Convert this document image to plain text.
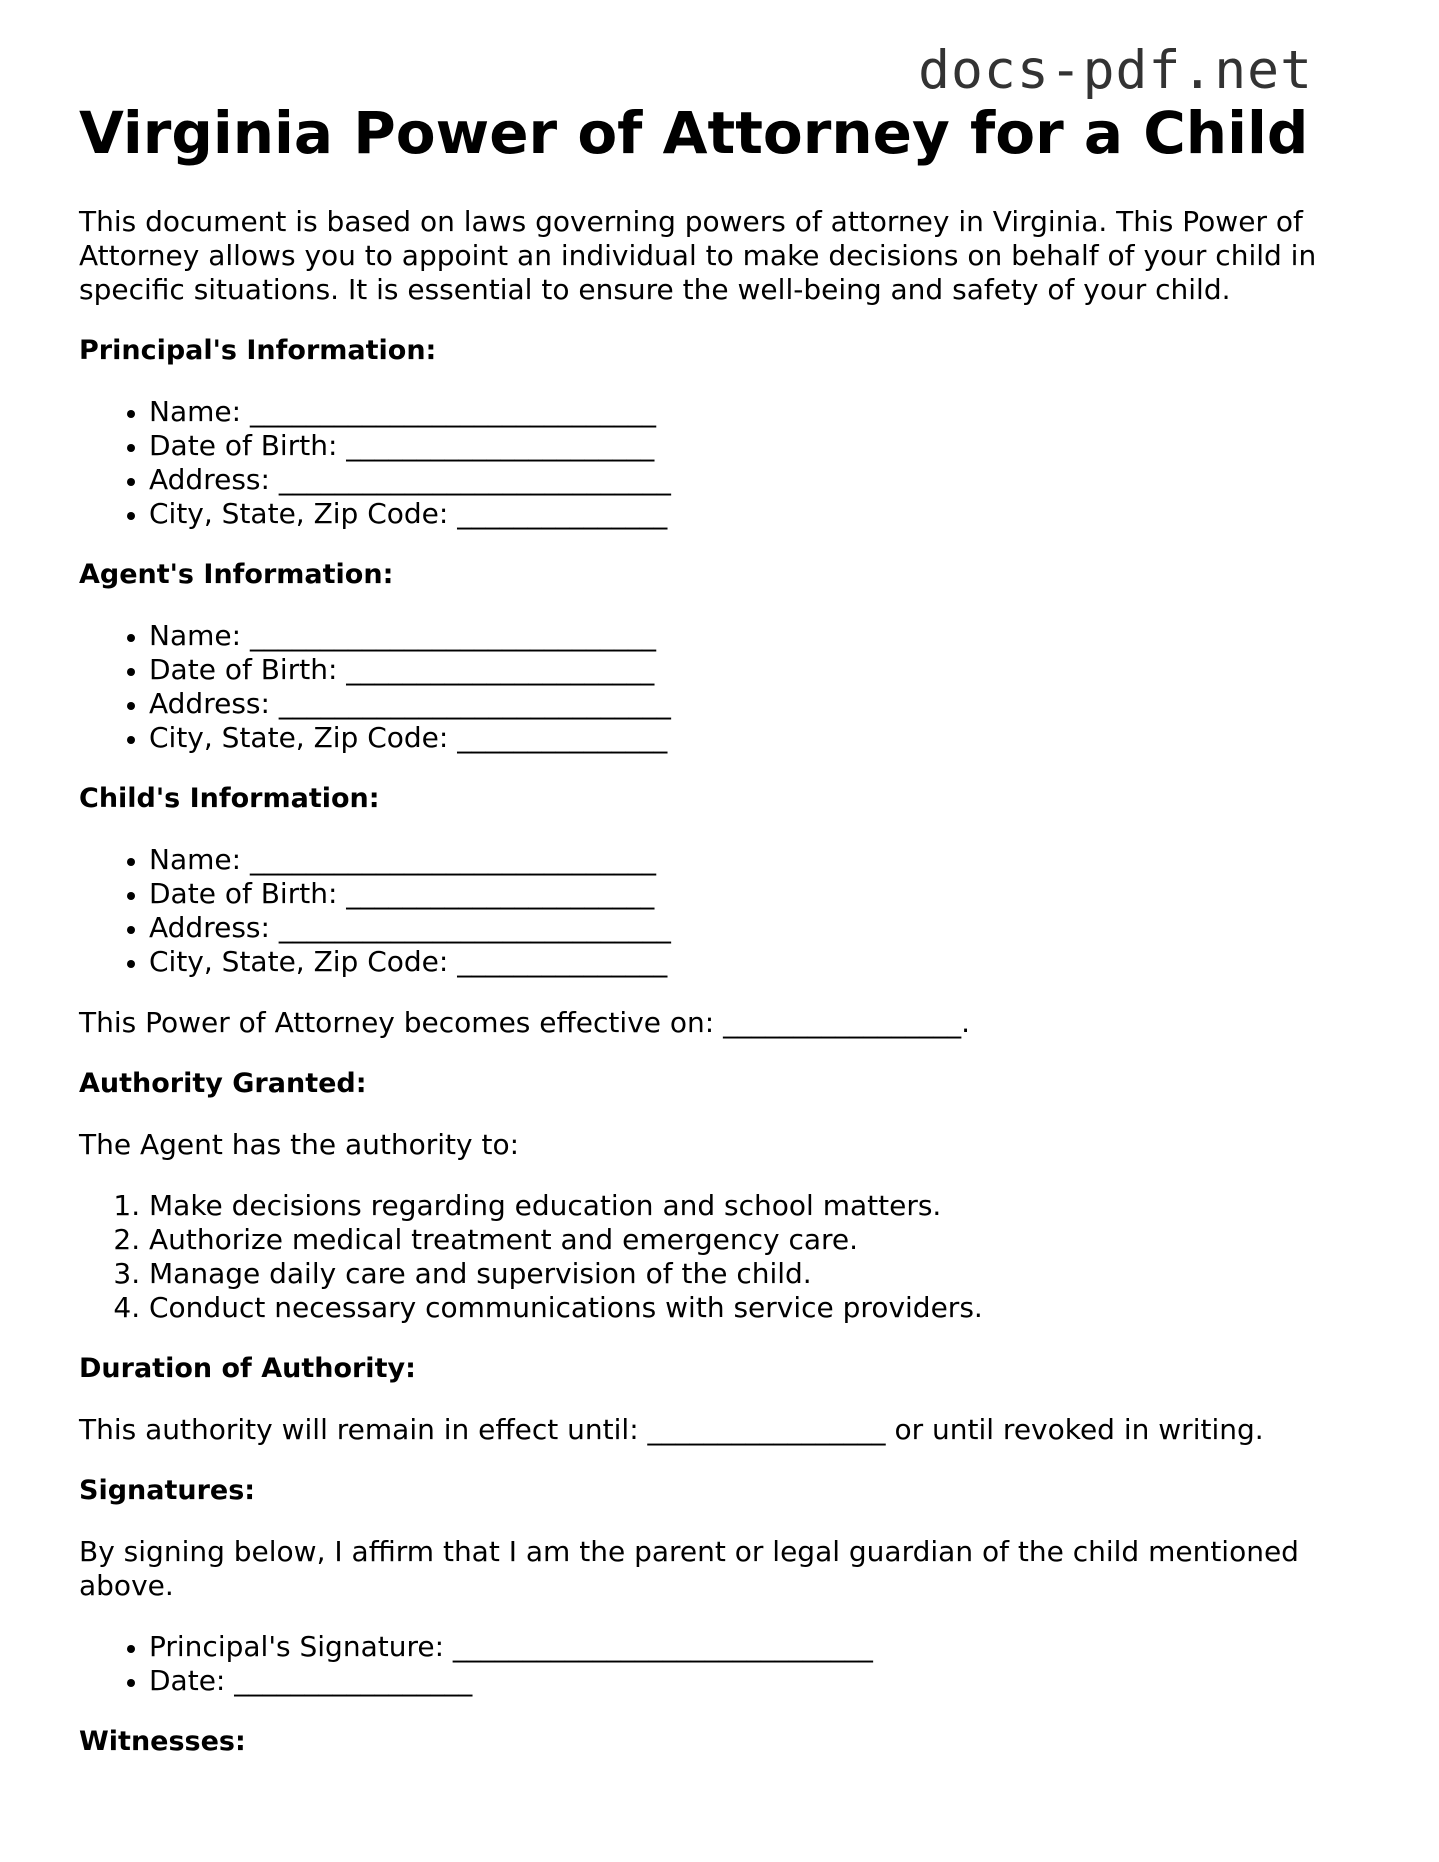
docs-pdf.net
Virginia Power of Attorney for a Child

This document is based on laws governing powers of attorney in Virginia. This Power of Attorney allows you to appoint an individual to make decisions on behalf of your child in specific situations. It is essential to ensure the well-being and safety of your child.

Principal's Information:
• Name: _____________________________
• Date of Birth: ______________________
• Address: ____________________________
• City, State, Zip Code: _______________
Agent's Information:
• Name: _____________________________
• Date of Birth: ______________________
• Address: ____________________________
• City, State, Zip Code: _______________
Child's Information:
• Name: _____________________________
• Date of Birth: ______________________
• Address: ____________________________
• City, State, Zip Code: _______________

This Power of Attorney becomes effective on: _________________.

Authority Granted:

The Agent has the authority to:

1. Make decisions regarding education and school matters.
2. Authorize medical treatment and emergency care.
3. Manage daily care and supervision of the child.
4. Conduct necessary communications with service providers.
Duration of Authority:

This authority will remain in effect until: _________________ or until revoked in writing.

Signatures:

By signing below, I affirm that I am the parent or legal guardian of the child mentioned above.

• Principal's Signature: ______________________________
• Date: _________________
Witnesses:
